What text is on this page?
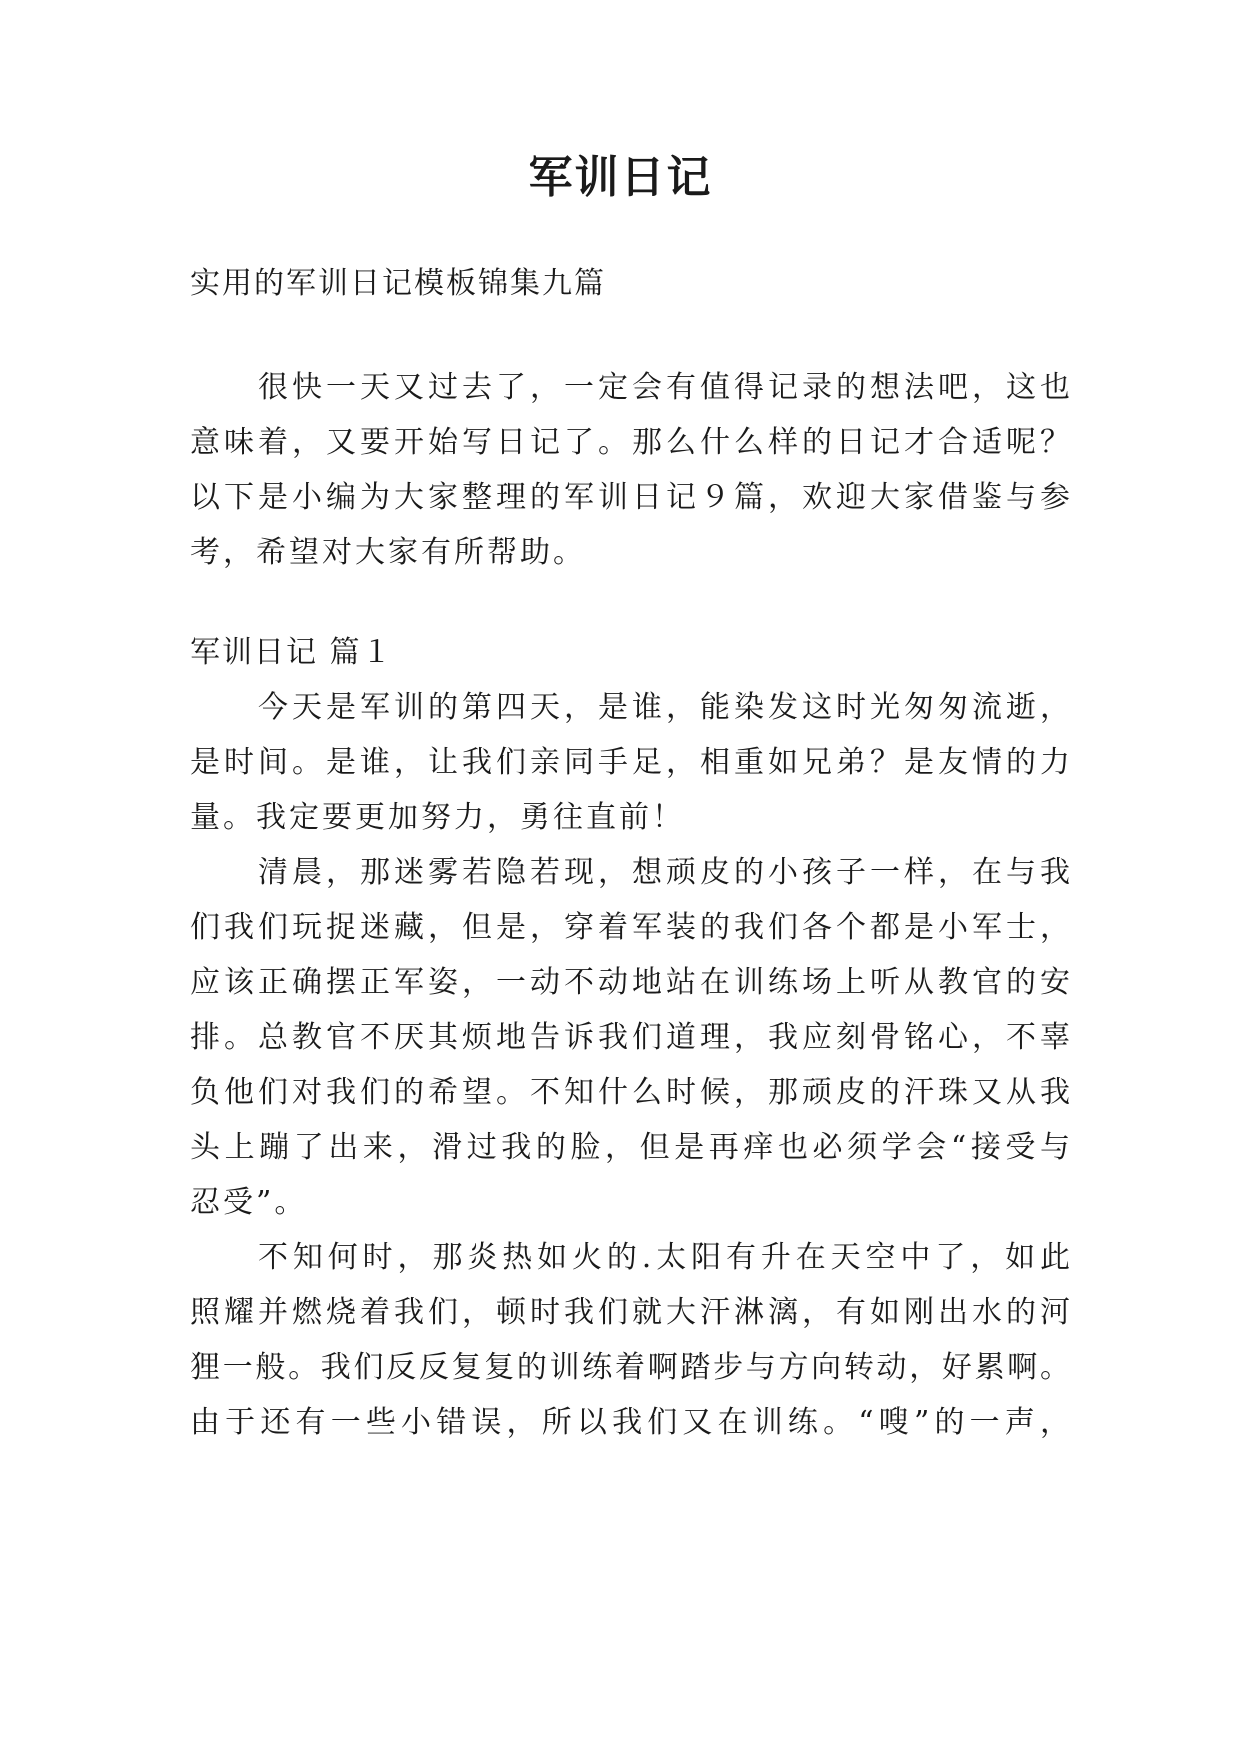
军训日记
实用的军训日记模板锦集九篇
很快一天又过去了，一定会有值得记录的想法吧，这也
意味着，又要开始写日记了。那么什么样的日记才合适呢？
以下是小编为大家整理的军训日记９篇，欢迎大家借鉴与参
考，希望对大家有所帮助。
军训日记 篇１
今天是军训的第四天，是谁，能染发这时光匆匆流逝，
是时间。是谁，让我们亲同手足，相重如兄弟？是友情的力
量。我定要更加努力，勇往直前！
清晨，那迷雾若隐若现，想顽皮的小孩子一样，在与我
们我们玩捉迷藏，但是，穿着军装的我们各个都是小军士，
应该正确摆正军姿，一动不动地站在训练场上听从教官的安
排。总教官不厌其烦地告诉我们道理，我应刻骨铭心，不辜
负他们对我们的希望。不知什么时候，那顽皮的汗珠又从我
头上蹦了出来，滑过我的脸，但是再痒也必须学会“接受与
忍受”。
不知何时，那炎热如火的.太阳有升在天空中了，如此
照耀并燃烧着我们，顿时我们就大汗淋漓，有如刚出水的河
狸一般。我们反反复复的训练着啊踏步与方向转动，好累啊。
由于还有一些小错误，所以我们又在训练。“嗖”的一声，
